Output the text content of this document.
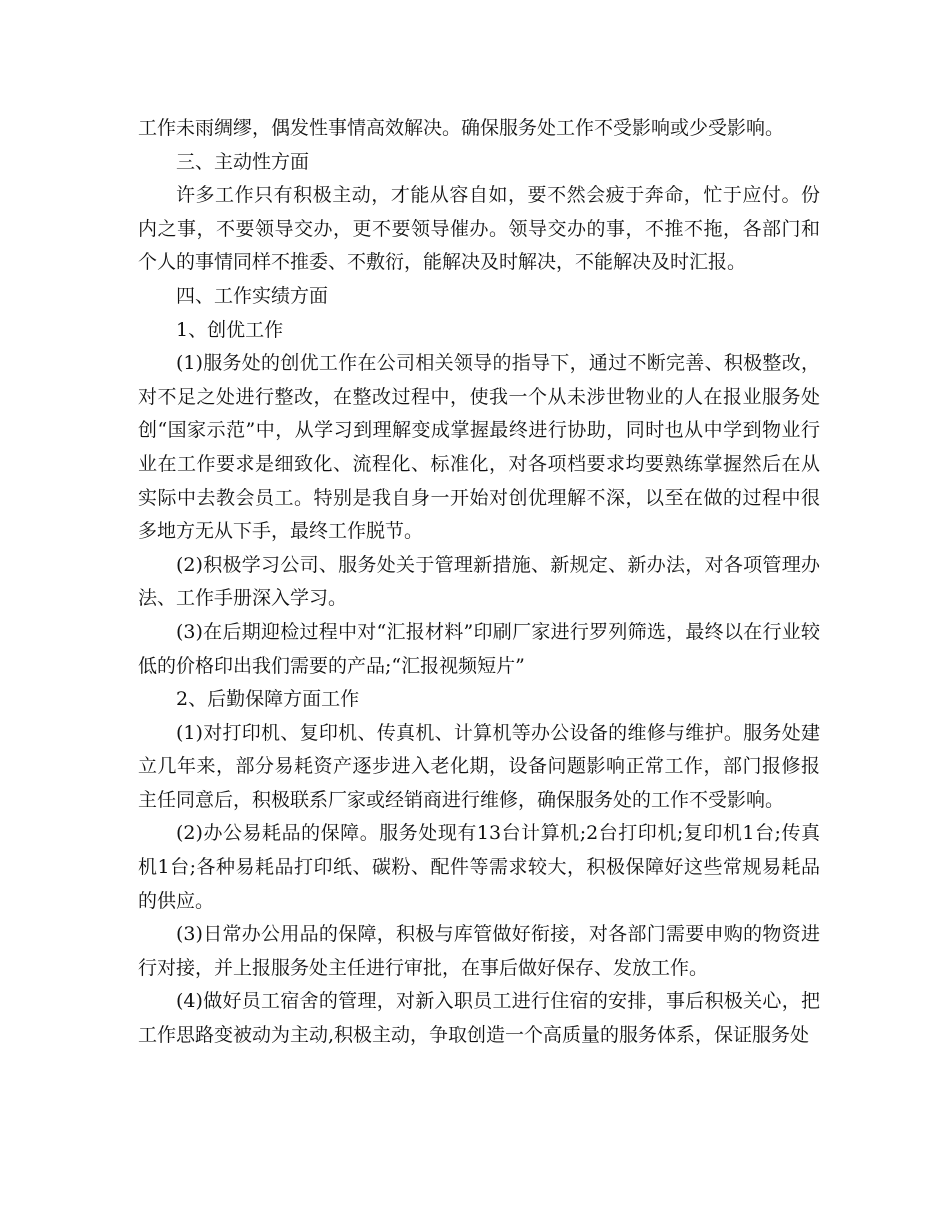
工作未雨绸缪，偶发性事情高效解决。确保服务处工作不受影响或少受影响。

三、主动性方面

许多工作只有积极主动，才能从容自如，要不然会疲于奔命，忙于应付。份内之事，不要领导交办，更不要领导催办。领导交办的事，不推不拖，各部门和个人的事情同样不推委、不敷衍，能解决及时解决，不能解决及时汇报。

四、工作实绩方面

1、创优工作

(1)服务处的创优工作在公司相关领导的指导下，通过不断完善、积极整改，对不足之处进行整改，在整改过程中，使我一个从未涉世物业的人在报业服务处创“国家示范”中，从学习到理解变成掌握最终进行协助，同时也从中学到物业行业在工作要求是细致化、流程化、标准化，对各项档要求均要熟练掌握然后在从实际中去教会员工。特别是我自身一开始对创优理解不深，以至在做的过程中很多地方无从下手，最终工作脱节。

(2)积极学习公司、服务处关于管理新措施、新规定、新办法，对各项管理办法、工作手册深入学习。

(3)在后期迎检过程中对“汇报材料”印刷厂家进行罗列筛选，最终以在行业较低的价格印出我们需要的产品;“汇报视频短片”

2、后勤保障方面工作

(1)对打印机、复印机、传真机、计算机等办公设备的维修与维护。服务处建立几年来，部分易耗资产逐步进入老化期，设备问题影响正常工作，部门报修报主任同意后，积极联系厂家或经销商进行维修，确保服务处的工作不受影响。

(2)办公易耗品的保障。服务处现有13台计算机;2台打印机;复印机1台;传真机1台;各种易耗品打印纸、碳粉、配件等需求较大，积极保障好这些常规易耗品的供应。

(3)日常办公用品的保障，积极与库管做好衔接，对各部门需要申购的物资进行对接，并上报服务处主任进行审批，在事后做好保存、发放工作。

(4)做好员工宿舍的管理，对新入职员工进行住宿的安排，事后积极关心，把工作思路变被动为主动,积极主动，争取创造一个高质量的服务体系，保证服务处
